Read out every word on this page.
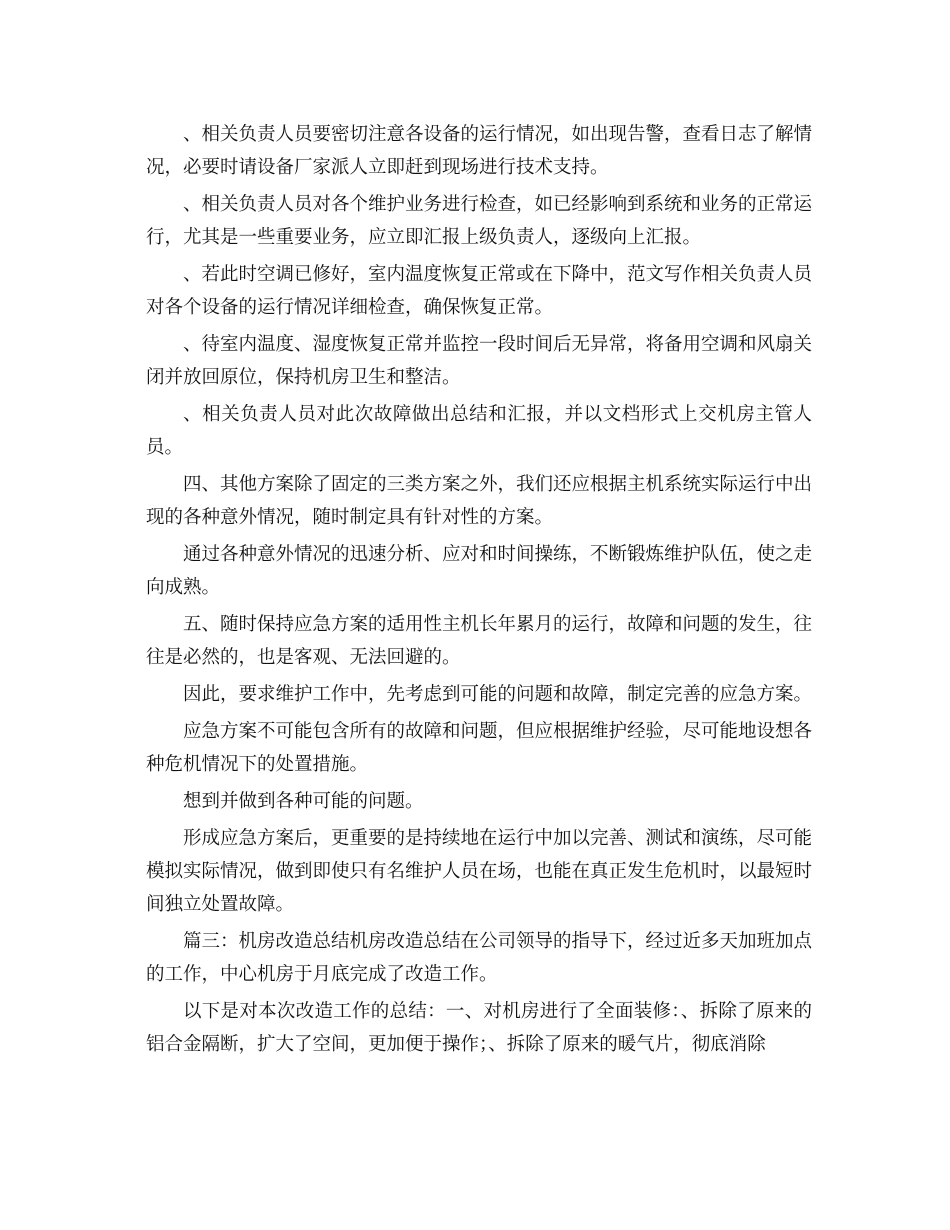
、相关负责人员要密切注意各设备的运行情况，如出现告警，查看日志了解情况，必要时请设备厂家派人立即赶到现场进行技术支持。

、相关负责人员对各个维护业务进行检查，如已经影响到系统和业务的正常运行，尤其是一些重要业务，应立即汇报上级负责人，逐级向上汇报。

、若此时空调已修好，室内温度恢复正常或在下降中，范文写作相关负责人员对各个设备的运行情况详细检查，确保恢复正常。

、待室内温度、湿度恢复正常并监控一段时间后无异常，将备用空调和风扇关闭并放回原位，保持机房卫生和整洁。

、相关负责人员对此次故障做出总结和汇报，并以文档形式上交机房主管人员。

四、其他方案除了固定的三类方案之外，我们还应根据主机系统实际运行中出现的各种意外情况，随时制定具有针对性的方案。

通过各种意外情况的迅速分析、应对和时间操练，不断锻炼维护队伍，使之走向成熟。

五、随时保持应急方案的适用性主机长年累月的运行，故障和问题的发生，往往是必然的，也是客观、无法回避的。

因此，要求维护工作中，先考虑到可能的问题和故障，制定完善的应急方案。

应急方案不可能包含所有的故障和问题，但应根据维护经验，尽可能地设想各种危机情况下的处置措施。

想到并做到各种可能的问题。

形成应急方案后，更重要的是持续地在运行中加以完善、测试和演练，尽可能模拟实际情况，做到即使只有名维护人员在场，也能在真正发生危机时，以最短时间独立处置故障。

篇三：机房改造总结机房改造总结在公司领导的指导下，经过近多天加班加点的工作，中心机房于月底完成了改造工作。

以下是对本次改造工作的总结：一、对机房进行了全面装修：、拆除了原来的铝合金隔断，扩大了空间，更加便于操作；、拆除了原来的暖气片，彻底消除
